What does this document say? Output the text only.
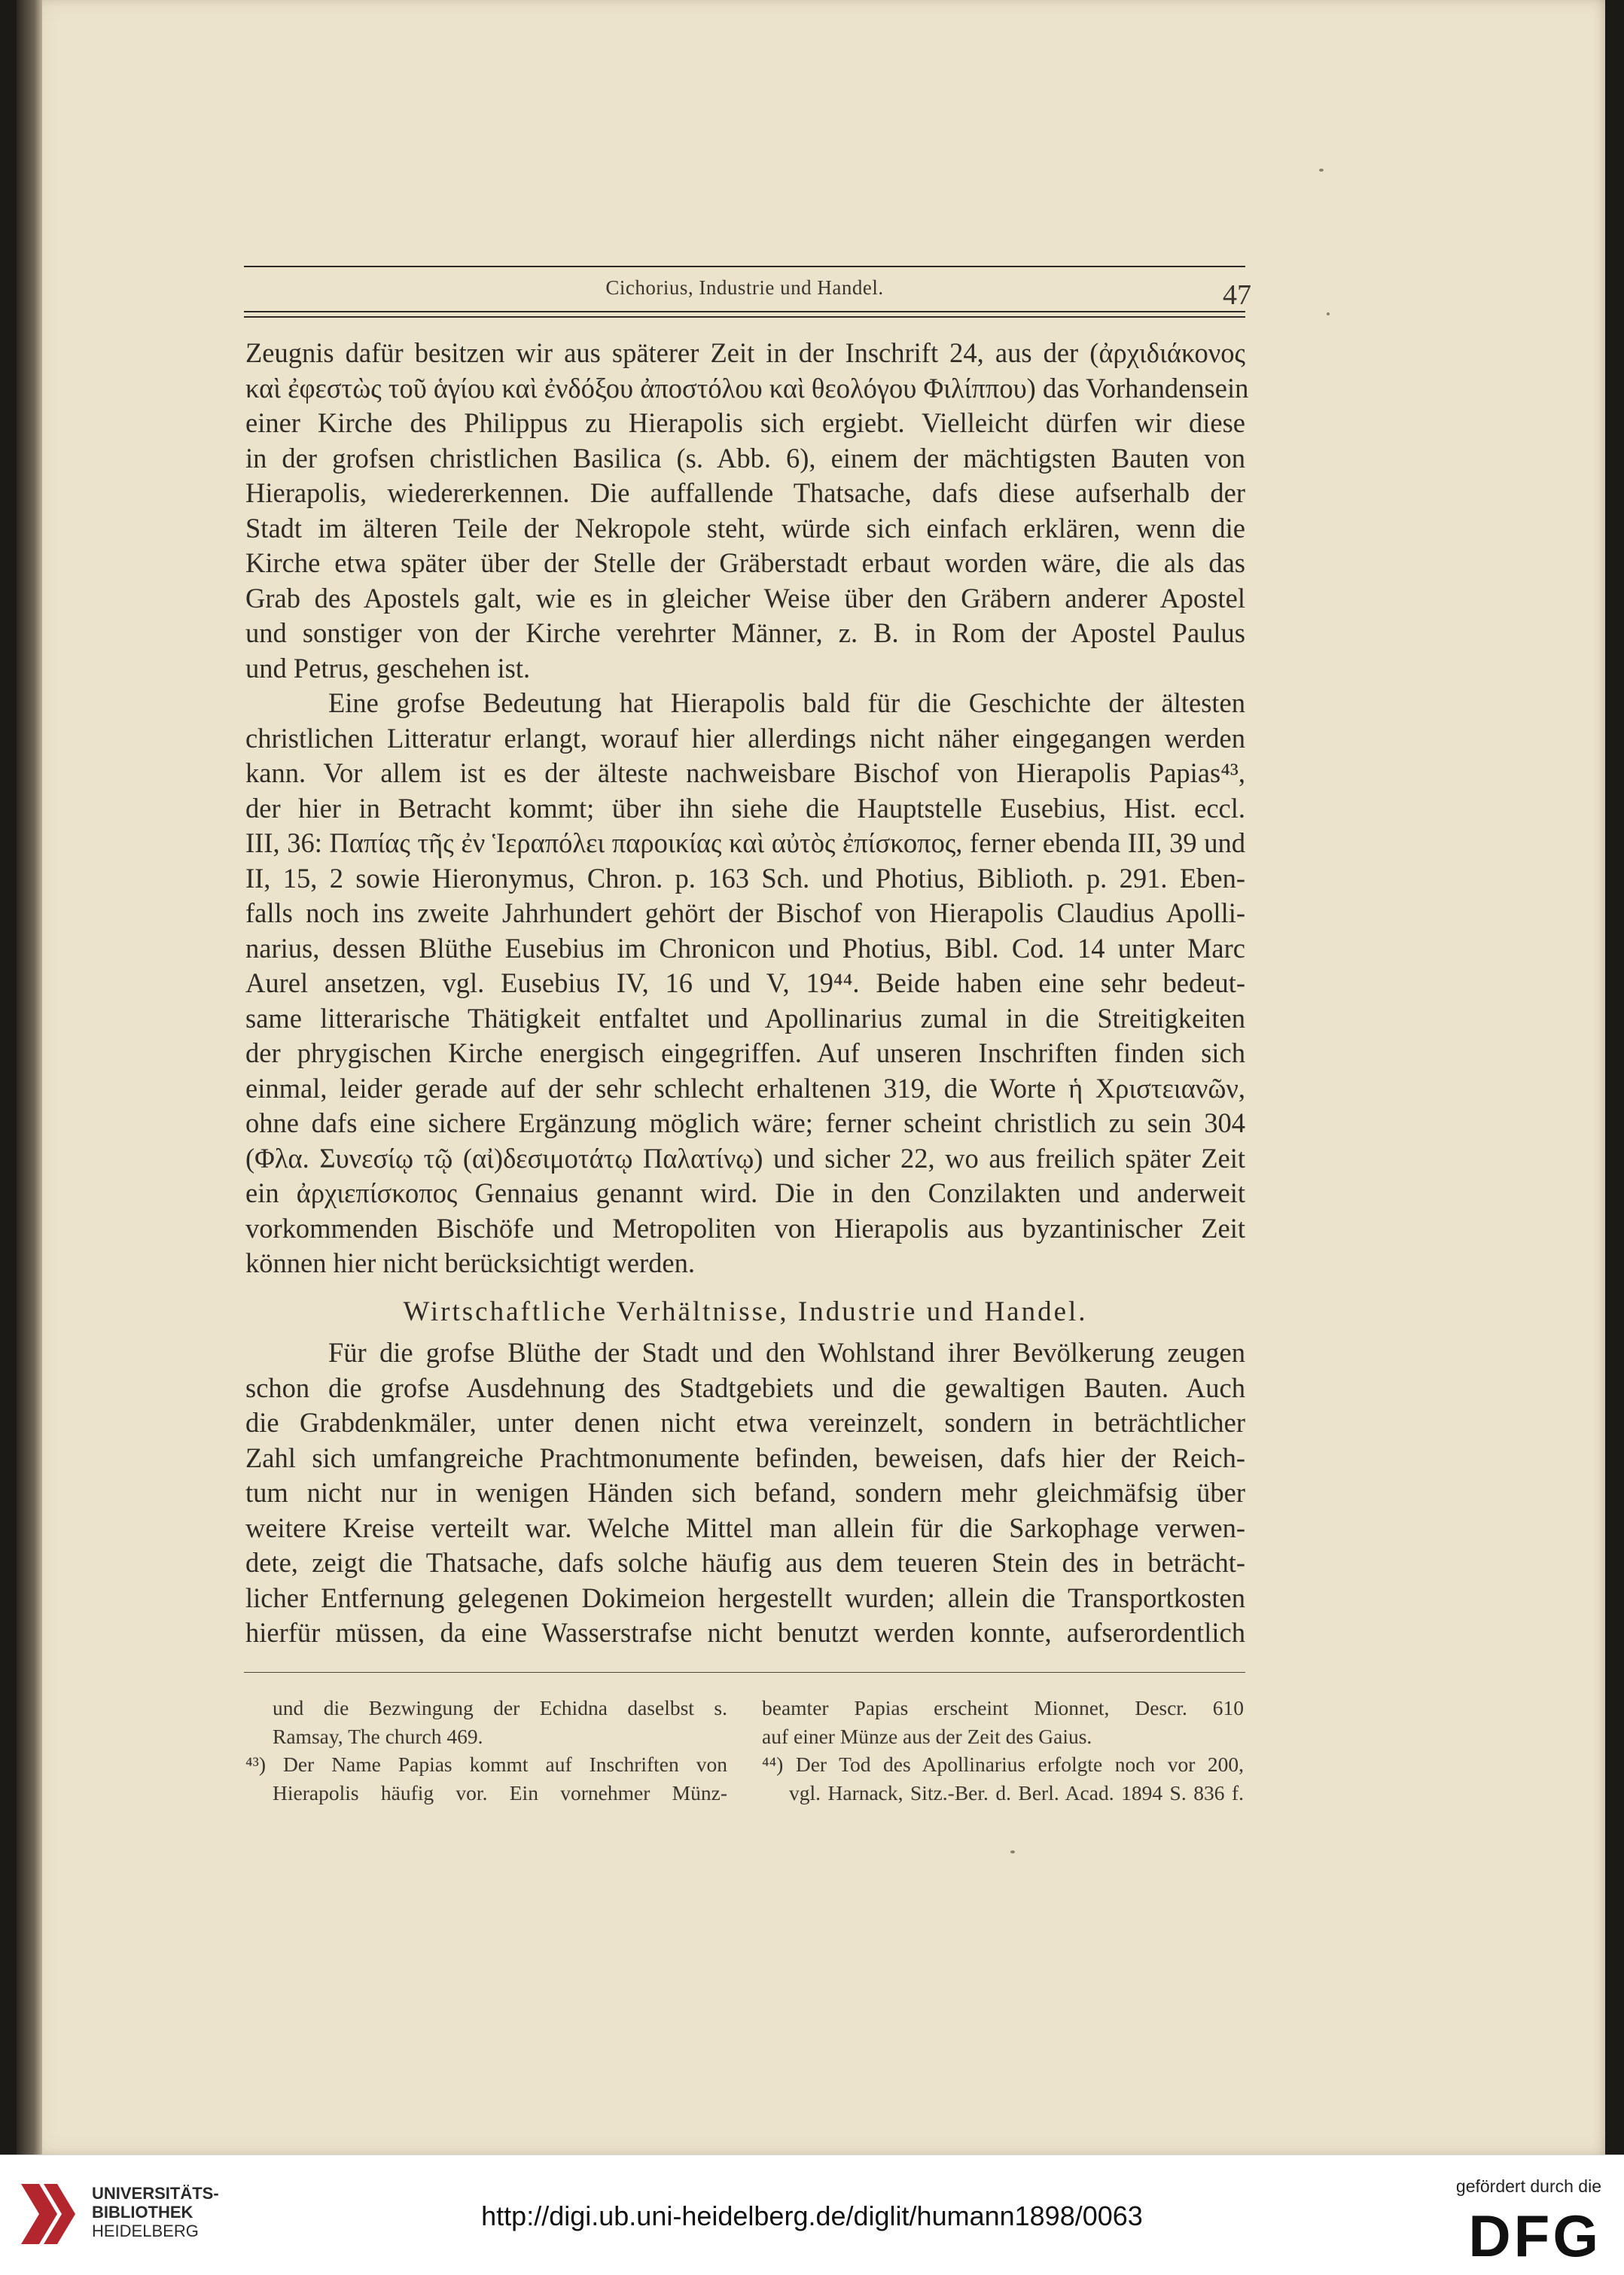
Cichorius, Industrie und Handel.	47
Zeugnis dafür besitzen wir aus späterer Zeit in der Inschrift 24, aus der (ἀρχιδιάκονος
καὶ ἐφεστὼς τοῦ ἁγίου καὶ ἐνδόξου ἀποστόλου καὶ θεολόγου Φιλίππου) das Vorhandensein
einer Kirche des Philippus zu Hierapolis sich ergiebt. Vielleicht dürfen wir diese
in der grofsen christlichen Basilica (s. Abb. 6), einem der mächtigsten Bauten von
Hierapolis, wiedererkennen. Die auffallende Thatsache, dafs diese aufserhalb der
Stadt im älteren Teile der Nekropole steht, würde sich einfach erklären, wenn die
Kirche etwa später über der Stelle der Gräberstadt erbaut worden wäre, die als das
Grab des Apostels galt, wie es in gleicher Weise über den Gräbern anderer Apostel
und sonstiger von der Kirche verehrter Männer, z. B. in Rom der Apostel Paulus
und Petrus, geschehen ist.
Eine grofse Bedeutung hat Hierapolis bald für die Geschichte der ältesten
christlichen Litteratur erlangt, worauf hier allerdings nicht näher eingegangen werden
kann. Vor allem ist es der älteste nachweisbare Bischof von Hierapolis Papias⁴³,
der hier in Betracht kommt; über ihn siehe die Hauptstelle Eusebius, Hist. eccl.
III, 36: Παπίας τῆς ἐν Ἱεραπόλει παροικίας καὶ αὐτὸς ἐπίσκοπος, ferner ebenda III, 39 und
II, 15, 2 sowie Hieronymus, Chron. p. 163 Sch. und Photius, Biblioth. p. 291. Eben-
falls noch ins zweite Jahrhundert gehört der Bischof von Hierapolis Claudius Apolli-
narius, dessen Blüthe Eusebius im Chronicon und Photius, Bibl. Cod. 14 unter Marc
Aurel ansetzen, vgl. Eusebius IV, 16 und V, 19⁴⁴. Beide haben eine sehr bedeut-
same litterarische Thätigkeit entfaltet und Apollinarius zumal in die Streitigkeiten
der phrygischen Kirche energisch eingegriffen. Auf unseren Inschriften finden sich
einmal, leider gerade auf der sehr schlecht erhaltenen 319, die Worte ἡ Χριστειανῶν,
ohne dafs eine sichere Ergänzung möglich wäre; ferner scheint christlich zu sein 304
(Φλα. Συνεσίῳ τῷ (αἰ)δεσιμοτάτῳ Παλατίνῳ) und sicher 22, wo aus freilich später Zeit
ein ἀρχιεπίσκοπος Gennaius genannt wird. Die in den Conzilakten und anderweit
vorkommenden Bischöfe und Metropoliten von Hierapolis aus byzantinischer Zeit
können hier nicht berücksichtigt werden.
Wirtschaftliche Verhältnisse, Industrie und Handel.
Für die grofse Blüthe der Stadt und den Wohlstand ihrer Bevölkerung zeugen
schon die grofse Ausdehnung des Stadtgebiets und die gewaltigen Bauten. Auch
die Grabdenkmäler, unter denen nicht etwa vereinzelt, sondern in beträchtlicher
Zahl sich umfangreiche Prachtmonumente befinden, beweisen, dafs hier der Reich-
tum nicht nur in wenigen Händen sich befand, sondern mehr gleichmäfsig über
weitere Kreise verteilt war. Welche Mittel man allein für die Sarkophage verwen-
dete, zeigt die Thatsache, dafs solche häufig aus dem teueren Stein des in beträcht-
licher Entfernung gelegenen Dokimeion hergestellt wurden; allein die Transportkosten
hierfür müssen, da eine Wasserstrafse nicht benutzt werden konnte, aufserordentlich
und die Bezwingung der Echidna daselbst s.
Ramsay, The church 469.
⁴³) Der Name Papias kommt auf Inschriften von
Hierapolis häufig vor. Ein vornehmer Münz-
beamter Papias erscheint Mionnet, Descr. 610
auf einer Münze aus der Zeit des Gaius.
⁴⁴) Der Tod des Apollinarius erfolgte noch vor 200,
vgl. Harnack, Sitz.-Ber. d. Berl. Acad. 1894 S. 836 f.
UNIVERSITÄTS-
BIBLIOTHEK
HEIDELBERG	http://digi.ub.uni-heidelberg.de/diglit/humann1898/0063
gefördert durch die
DFG
